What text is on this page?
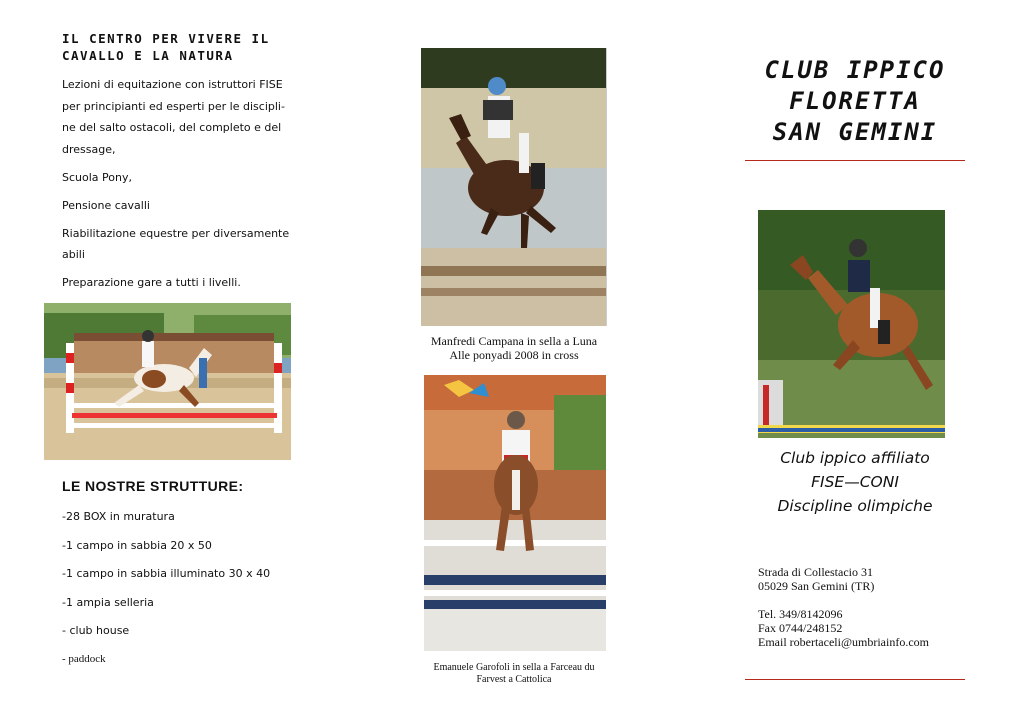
IL CENTRO PER VIVERE IL
CAVALLO E LA NATURA
Lezioni di equitazione con istruttori FISE
per principianti ed esperti per le discipli-
ne del salto ostacoli, del completo e del
dressage,
Scuola Pony,
Pensione cavalli
Riabilitazione equestre per diversamente
abili
Preparazione gare a tutti i livelli.
LE NOSTRE STRUTTURE:
-28 BOX in muratura
-1 campo in sabbia 20 x 50
-1 campo in sabbia illuminato 30 x 40
-1 ampia selleria
- club house
- paddock
Manfredi Campana in sella a Luna
Alle ponyadi 2008 in cross
Emanuele Garofoli in sella a Farceau du
Farvest a Cattolica
CLUB IPPICO
FLORETTA
SAN GEMINI
Club ippico affiliato
FISE—CONI
Discipline olimpiche
Strada di Collestacio 31
05029 San Gemini (TR)
Tel. 349/8142096
Fax 0744/248152
Email robertaceli@umbriainfo.com
